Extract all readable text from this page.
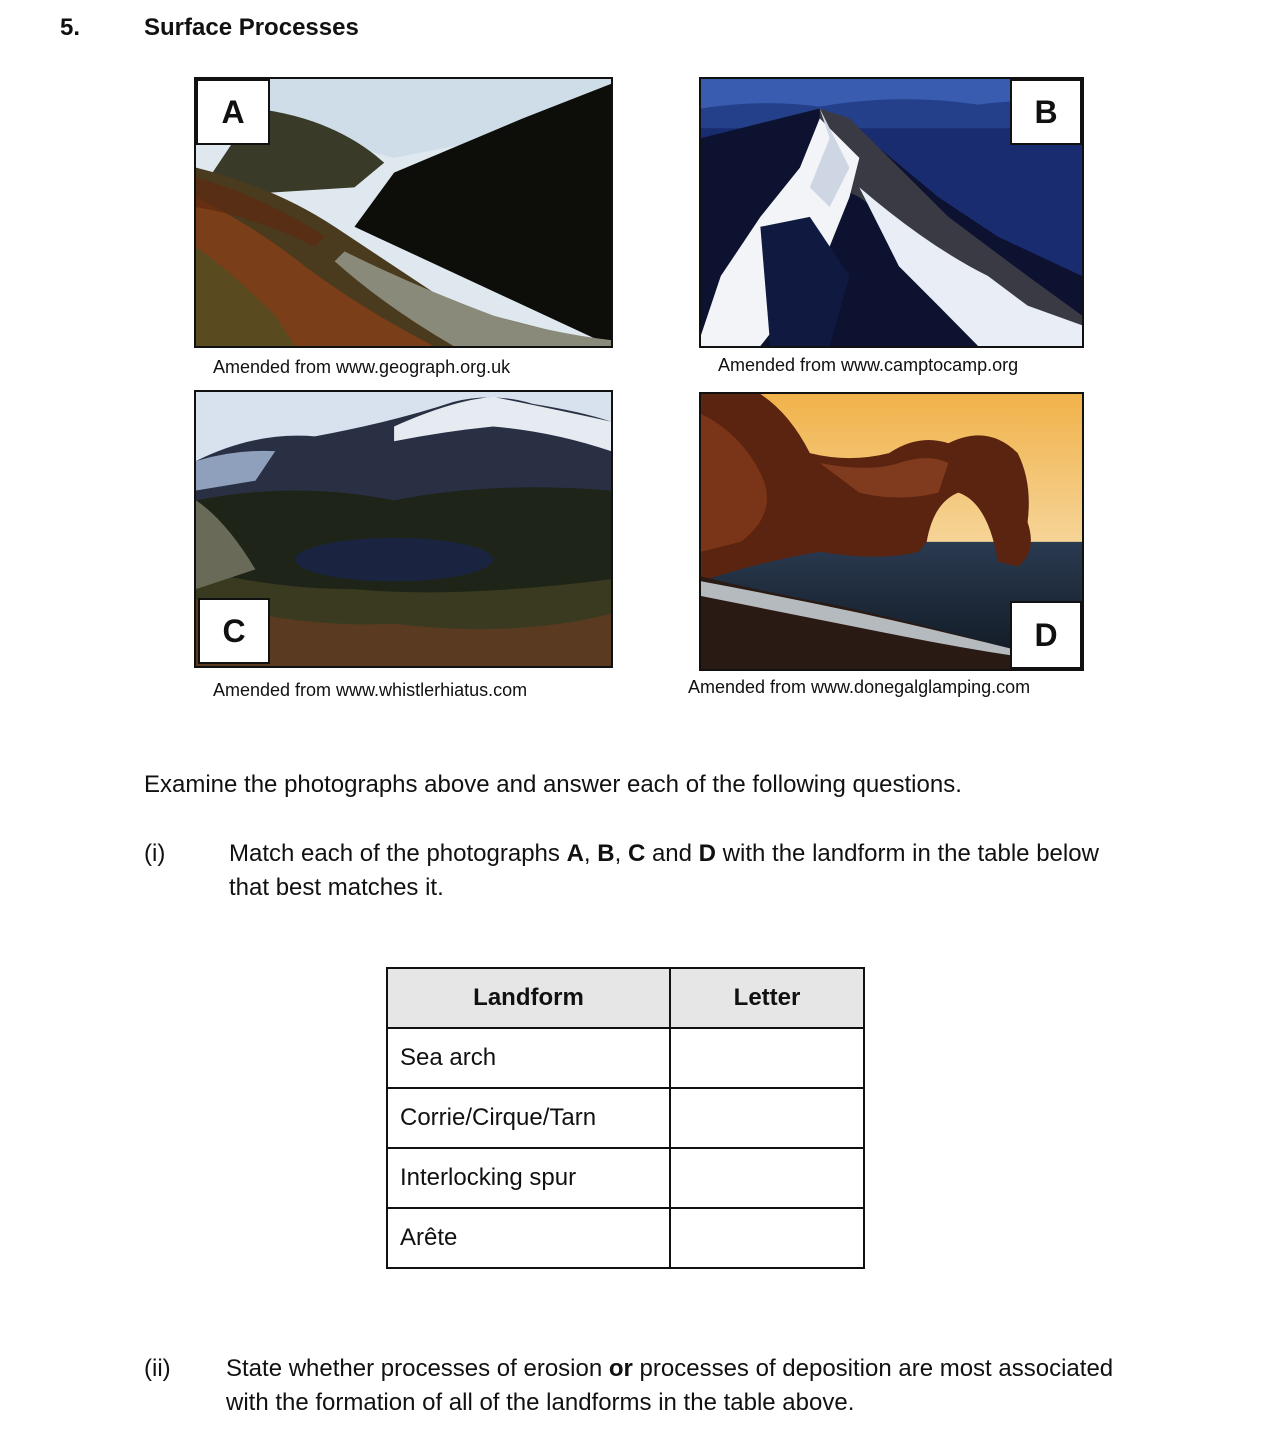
5.	Surface Processes
A
Amended from www.geograph.org.uk
B
Amended from www.camptocamp.org
C
Amended from www.whistlerhiatus.com
D
Amended from www.donegalglamping.com
Examine the photographs above and answer each of the following questions.
(i)	Match each of the photographs A, B, C and D with the landform in the table below
that best matches it.
Landform	Letter
Sea arch	
Corrie/Cirque/Tarn	
Interlocking spur	
Arête	
(ii) State whether processes of erosion or processes of deposition are most associated
with the formation of all of the landforms in the table above.
